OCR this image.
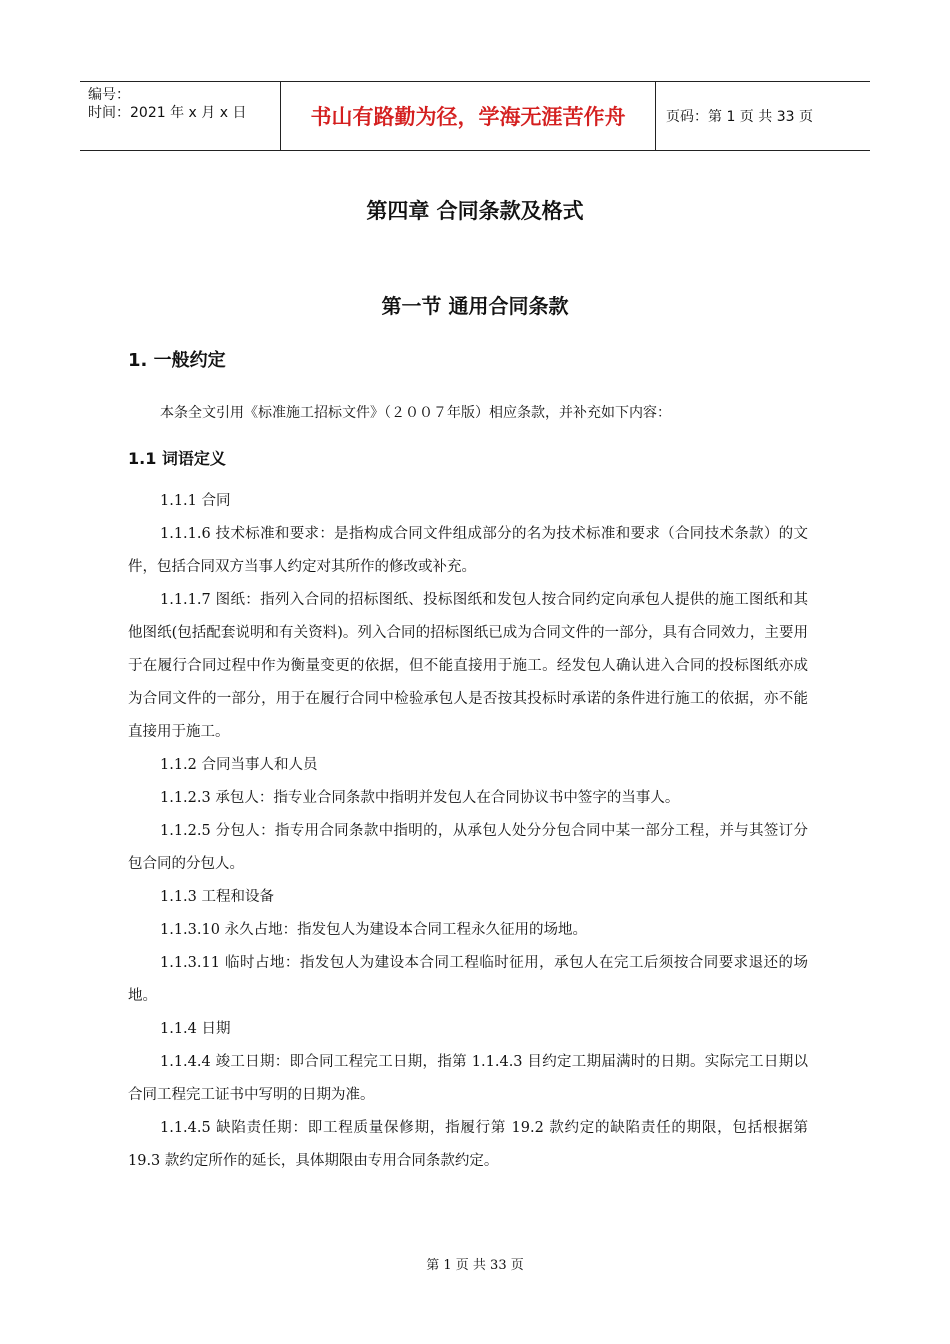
编号：
时间：2021 年 x 月 x 日	书山有路勤为径，学海无涯苦作舟	页码：第 1 页 共 33 页
第四章 合同条款及格式
第一节 通用合同条款
1. 一般约定
本条全文引用《标准施工招标文件》（２００７年版）相应条款，并补充如下内容：
1.1 词语定义

1.1.1 合同

1.1.1.6 技术标准和要求：是指构成合同文件组成部分的名为技术标准和要求（合同技术条款）的文件，包括合同双方当事人约定对其所作的修改或补充。

1.1.1.7 图纸：指列入合同的招标图纸、投标图纸和发包人按合同约定向承包人提供的施工图纸和其他图纸(包括配套说明和有关资料)。列入合同的招标图纸已成为合同文件的一部分，具有合同效力，主要用于在履行合同过程中作为衡量变更的依据，但不能直接用于施工。经发包人确认进入合同的投标图纸亦成为合同文件的一部分，用于在履行合同中检验承包人是否按其投标时承诺的条件进行施工的依据，亦不能直接用于施工。

1.1.2 合同当事人和人员

1.1.2.3 承包人：指专业合同条款中指明并发包人在合同协议书中签字的当事人。

1.1.2.5 分包人：指专用合同条款中指明的，从承包人处分分包合同中某一部分工程，并与其签订分包合同的分包人。

1.1.3 工程和设备

1.1.3.10 永久占地：指发包人为建设本合同工程永久征用的场地。

1.1.3.11 临时占地：指发包人为建设本合同工程临时征用，承包人在完工后须按合同要求退还的场地。

1.1.4 日期

1.1.4.4 竣工日期：即合同工程完工日期，指第 1.1.4.3 目约定工期届满时的日期。实际完工日期以合同工程完工证书中写明的日期为准。

1.1.4.5 缺陷责任期：即工程质量保修期，指履行第 19.2 款约定的缺陷责任的期限，包括根据第 19.3 款约定所作的延长，具体期限由专用合同条款约定。

第 1 页 共 33 页
